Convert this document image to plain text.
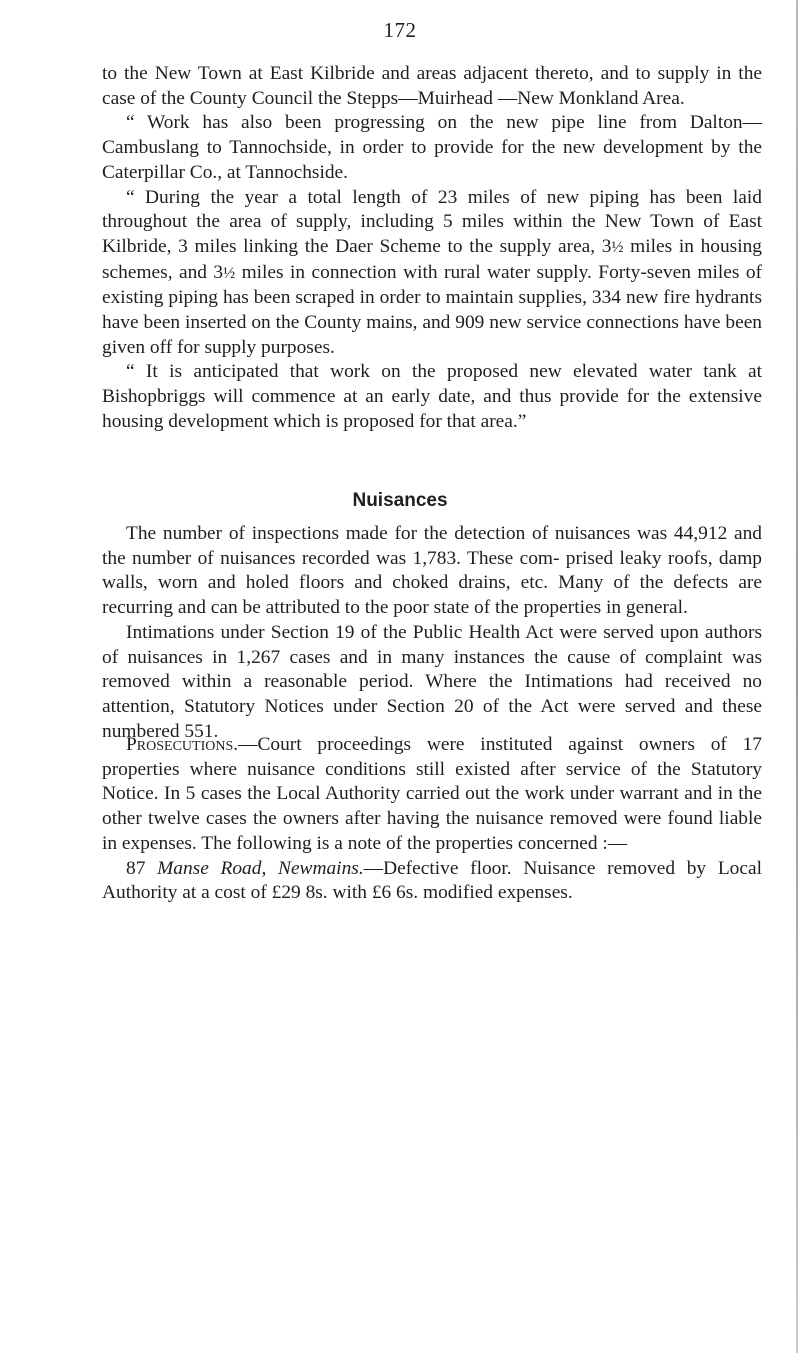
172

to the New Town at East Kilbride and areas adjacent thereto, and to supply in the case of the County Council the Stepps—Muirhead —New Monkland Area.

“ Work has also been progressing on the new pipe line from Dalton—Cambuslang to Tannochside, in order to provide for the new development by the Caterpillar Co., at Tannochside.

“ During the year a total length of 23 miles of new piping has been laid throughout the area of supply, including 5 miles within the New Town of East Kilbride, 3 miles linking the Daer Scheme to the supply area, 3½ miles in housing schemes, and 3½ miles in connection with rural water supply. Forty-seven miles of existing piping has been scraped in order to maintain supplies, 334 new fire hydrants have been inserted on the County mains, and 909 new service connections have been given off for supply purposes.

“ It is anticipated that work on the proposed new elevated water tank at Bishopbriggs will commence at an early date, and thus provide for the extensive housing development which is proposed for that area.”

Nuisances

The number of inspections made for the detection of nuisances was 44,912 and the number of nuisances recorded was 1,783. These com- prised leaky roofs, damp walls, worn and holed floors and choked drains, etc. Many of the defects are recurring and can be attributed to the poor state of the properties in general.

Intimations under Section 19 of the Public Health Act were served upon authors of nuisances in 1,267 cases and in many instances the cause of complaint was removed within a reasonable period. Where the Intimations had received no attention, Statutory Notices under Section 20 of the Act were served and these numbered 551.

Prosecutions.—Court proceedings were instituted against owners of 17 properties where nuisance conditions still existed after service of the Statutory Notice. In 5 cases the Local Authority carried out the work under warrant and in the other twelve cases the owners after having the nuisance removed were found liable in expenses. The following is a note of the properties concerned :—

87 Manse Road, Newmains.—Defective floor. Nuisance removed by Local Authority at a cost of £29 8s. with £6 6s. modified expenses.
